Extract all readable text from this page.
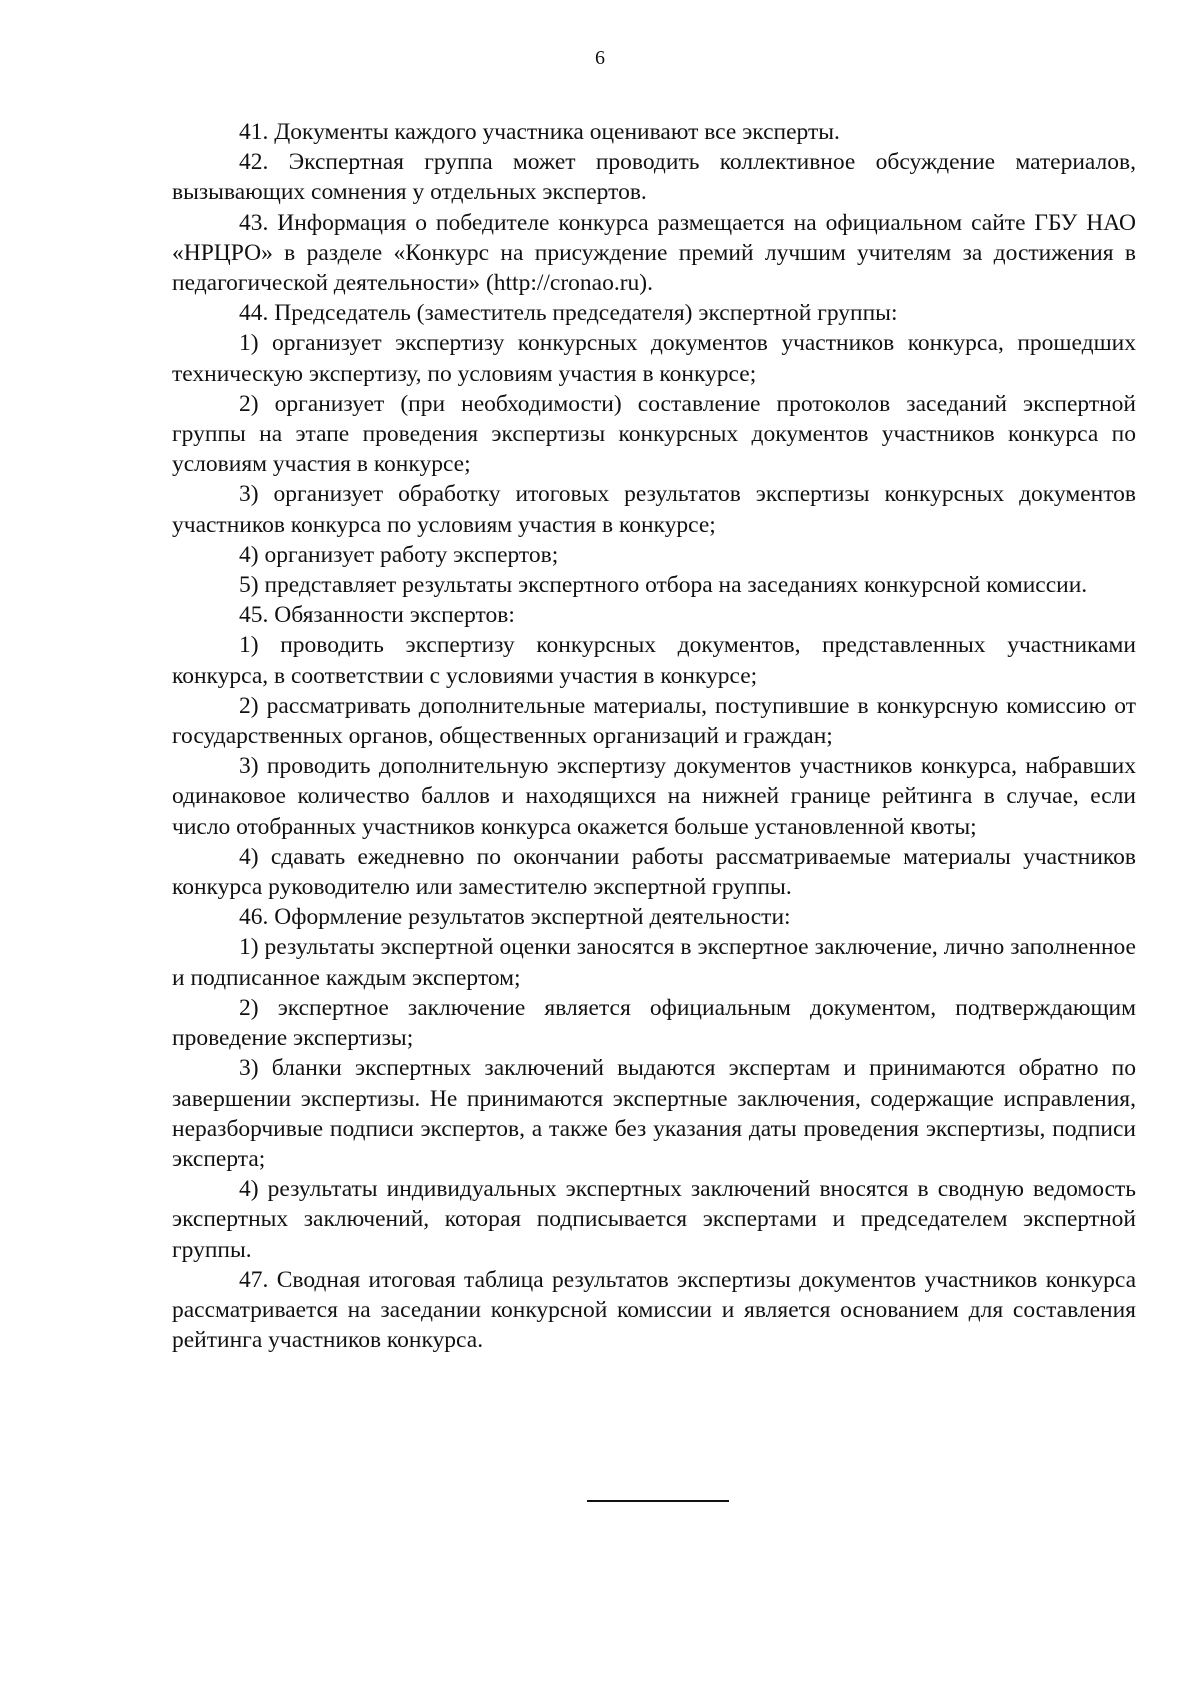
6

41. Документы каждого участника оценивают все эксперты.

42. Экспертная группа может проводить коллективное обсуждение материалов, вызывающих сомнения у отдельных экспертов.

43. Информация о победителе конкурса размещается на официальном сайте ГБУ НАО «НРЦРО» в разделе «Конкурс на присуждение премий лучшим учителям за достижения в педагогической деятельности» (http://cronao.ru).

44. Председатель (заместитель председателя) экспертной группы:

1) организует экспертизу конкурсных документов участников конкурса, прошедших техническую экспертизу, по условиям участия в конкурсе;

2) организует (при необходимости) составление протоколов заседаний экспертной группы на этапе проведения экспертизы конкурсных документов участников конкурса по условиям участия в конкурсе;

3) организует обработку итоговых результатов экспертизы конкурсных документов участников конкурса по условиям участия в конкурсе;

4) организует работу экспертов;

5) представляет результаты экспертного отбора на заседаниях конкурсной комиссии.

45. Обязанности экспертов:

1) проводить экспертизу конкурсных документов, представленных участниками конкурса, в соответствии с условиями участия в конкурсе;

2) рассматривать дополнительные материалы, поступившие в конкурсную комиссию от государственных органов, общественных организаций и граждан;

3) проводить дополнительную экспертизу документов участников конкурса, набравших одинаковое количество баллов и находящихся на нижней границе рейтинга в случае, если число отобранных участников конкурса окажется больше установленной квоты;

4) сдавать ежедневно по окончании работы рассматриваемые материалы участников конкурса руководителю или заместителю экспертной группы.

46. Оформление результатов экспертной деятельности:

1) результаты экспертной оценки заносятся в экспертное заключение, лично заполненное и подписанное каждым экспертом;

2) экспертное заключение является официальным документом, подтверждающим проведение экспертизы;

3) бланки экспертных заключений выдаются экспертам и принимаются обратно по завершении экспертизы. Не принимаются экспертные заключения, содержащие исправления, неразборчивые подписи экспертов, а также без указания даты проведения экспертизы, подписи эксперта;

4) результаты индивидуальных экспертных заключений вносятся в сводную ведомость экспертных заключений, которая подписывается экспертами и председателем экспертной группы.

47. Сводная итоговая таблица результатов экспертизы документов участников конкурса рассматривается на заседании конкурсной комиссии и является основанием для составления рейтинга участников конкурса.
